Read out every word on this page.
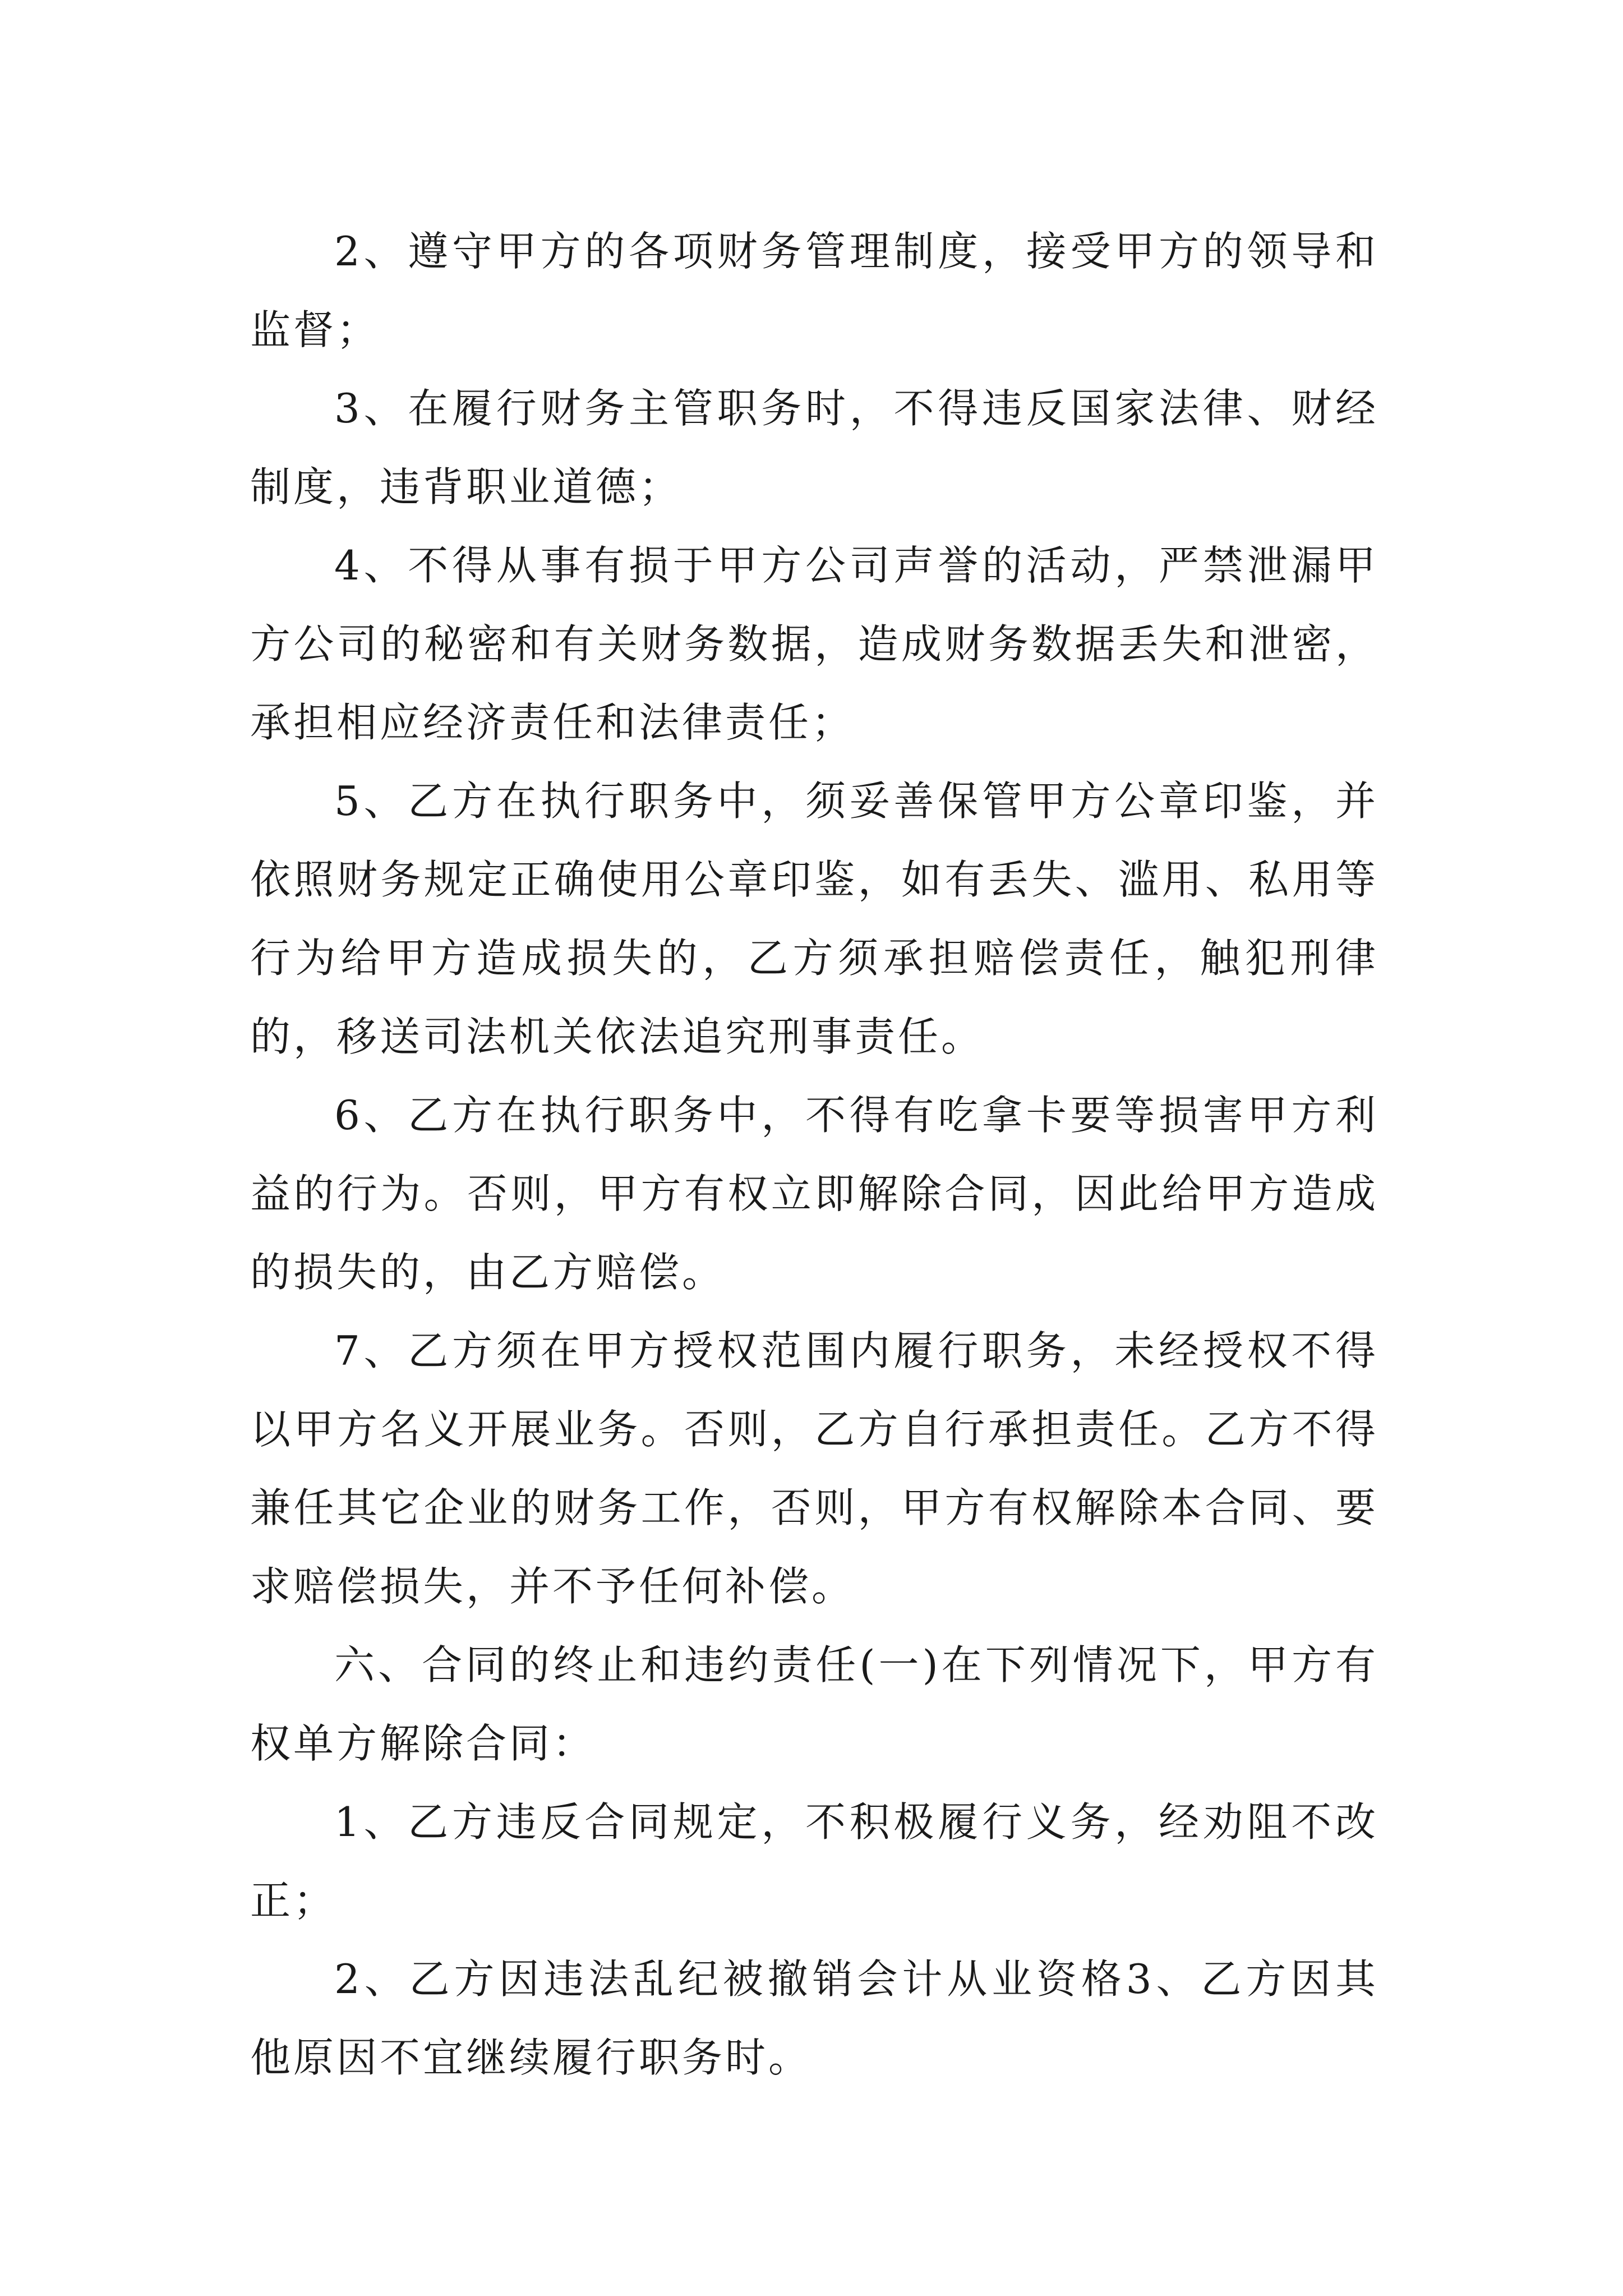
2、遵守甲方的各项财务管理制度，接受甲方的领导和监督；

3、在履行财务主管职务时，不得违反国家法律、财经制度，违背职业道德；

4、不得从事有损于甲方公司声誉的活动，严禁泄漏甲方公司的秘密和有关财务数据，造成财务数据丢失和泄密，承担相应经济责任和法律责任；

5、乙方在执行职务中，须妥善保管甲方公章印鉴，并依照财务规定正确使用公章印鉴，如有丢失、滥用、私用等行为给甲方造成损失的，乙方须承担赔偿责任，触犯刑律的，移送司法机关依法追究刑事责任。

6、乙方在执行职务中，不得有吃拿卡要等损害甲方利益的行为。否则，甲方有权立即解除合同，因此给甲方造成的损失的，由乙方赔偿。

7、乙方须在甲方授权范围内履行职务，未经授权不得以甲方名义开展业务。否则，乙方自行承担责任。乙方不得兼任其它企业的财务工作，否则，甲方有权解除本合同、要求赔偿损失，并不予任何补偿。

六、合同的终止和违约责任(一)在下列情况下，甲方有权单方解除合同：

1、乙方违反合同规定，不积极履行义务，经劝阻不改正；

2、乙方因违法乱纪被撤销会计从业资格3、乙方因其他原因不宜继续履行职务时。
